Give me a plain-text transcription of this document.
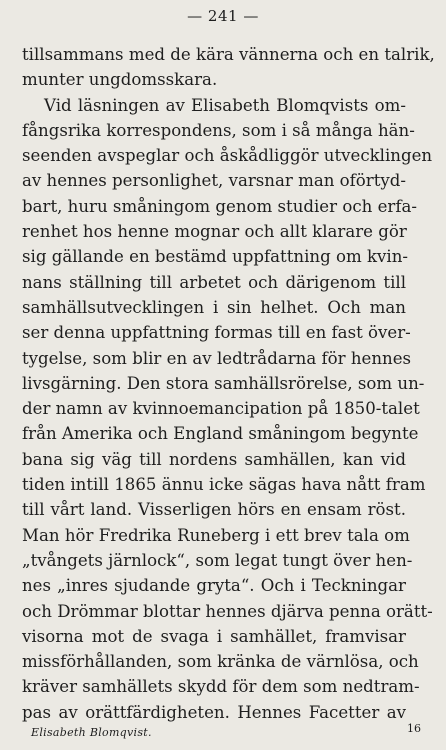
— 241 —
tillsammans med de kära vännerna och en talrik,
munter ungdomsskara.
Vid läsningen av Elisabeth Blomqvists om-
fångsrika korrespondens, som i så många hän-
seenden avspeglar och åskådliggör utvecklingen
av hennes personlighet, varsnar man oförtyd-
bart, huru småningom genom studier och erfa-
renhet hos henne mognar och allt klarare gör
sig gällande en bestämd uppfattning om kvin-
nans ställning till arbetet och därigenom till
samhällsutvecklingen i sin helhet. Och man
ser denna uppfattning formas till en fast över-
tygelse, som blir en av ledtrådarna för hennes
livsgärning. Den stora samhällsrörelse, som un-
der namn av kvinnoemancipation på 1850-talet
från Amerika och England småningom begynte
bana sig väg till nordens samhällen, kan vid
tiden intill 1865 ännu icke sägas hava nått fram
till vårt land. Visserligen hörs en ensam röst.
Man hör Fredrika Runeberg i ett brev tala om
„tvångets järnlock“, som legat tungt över hen-
nes „inres sjudande gryta“. Och i Teckningar
och Drömmar blottar hennes djärva penna orätt-
visorna mot de svaga i samhället, framvisar
missförhållanden, som kränka de värnlösa, och
kräver samhällets skydd för dem som nedtram-
pas av orättfärdigheten. Hennes Facetter av
Elisabeth Blomqvist.	16
